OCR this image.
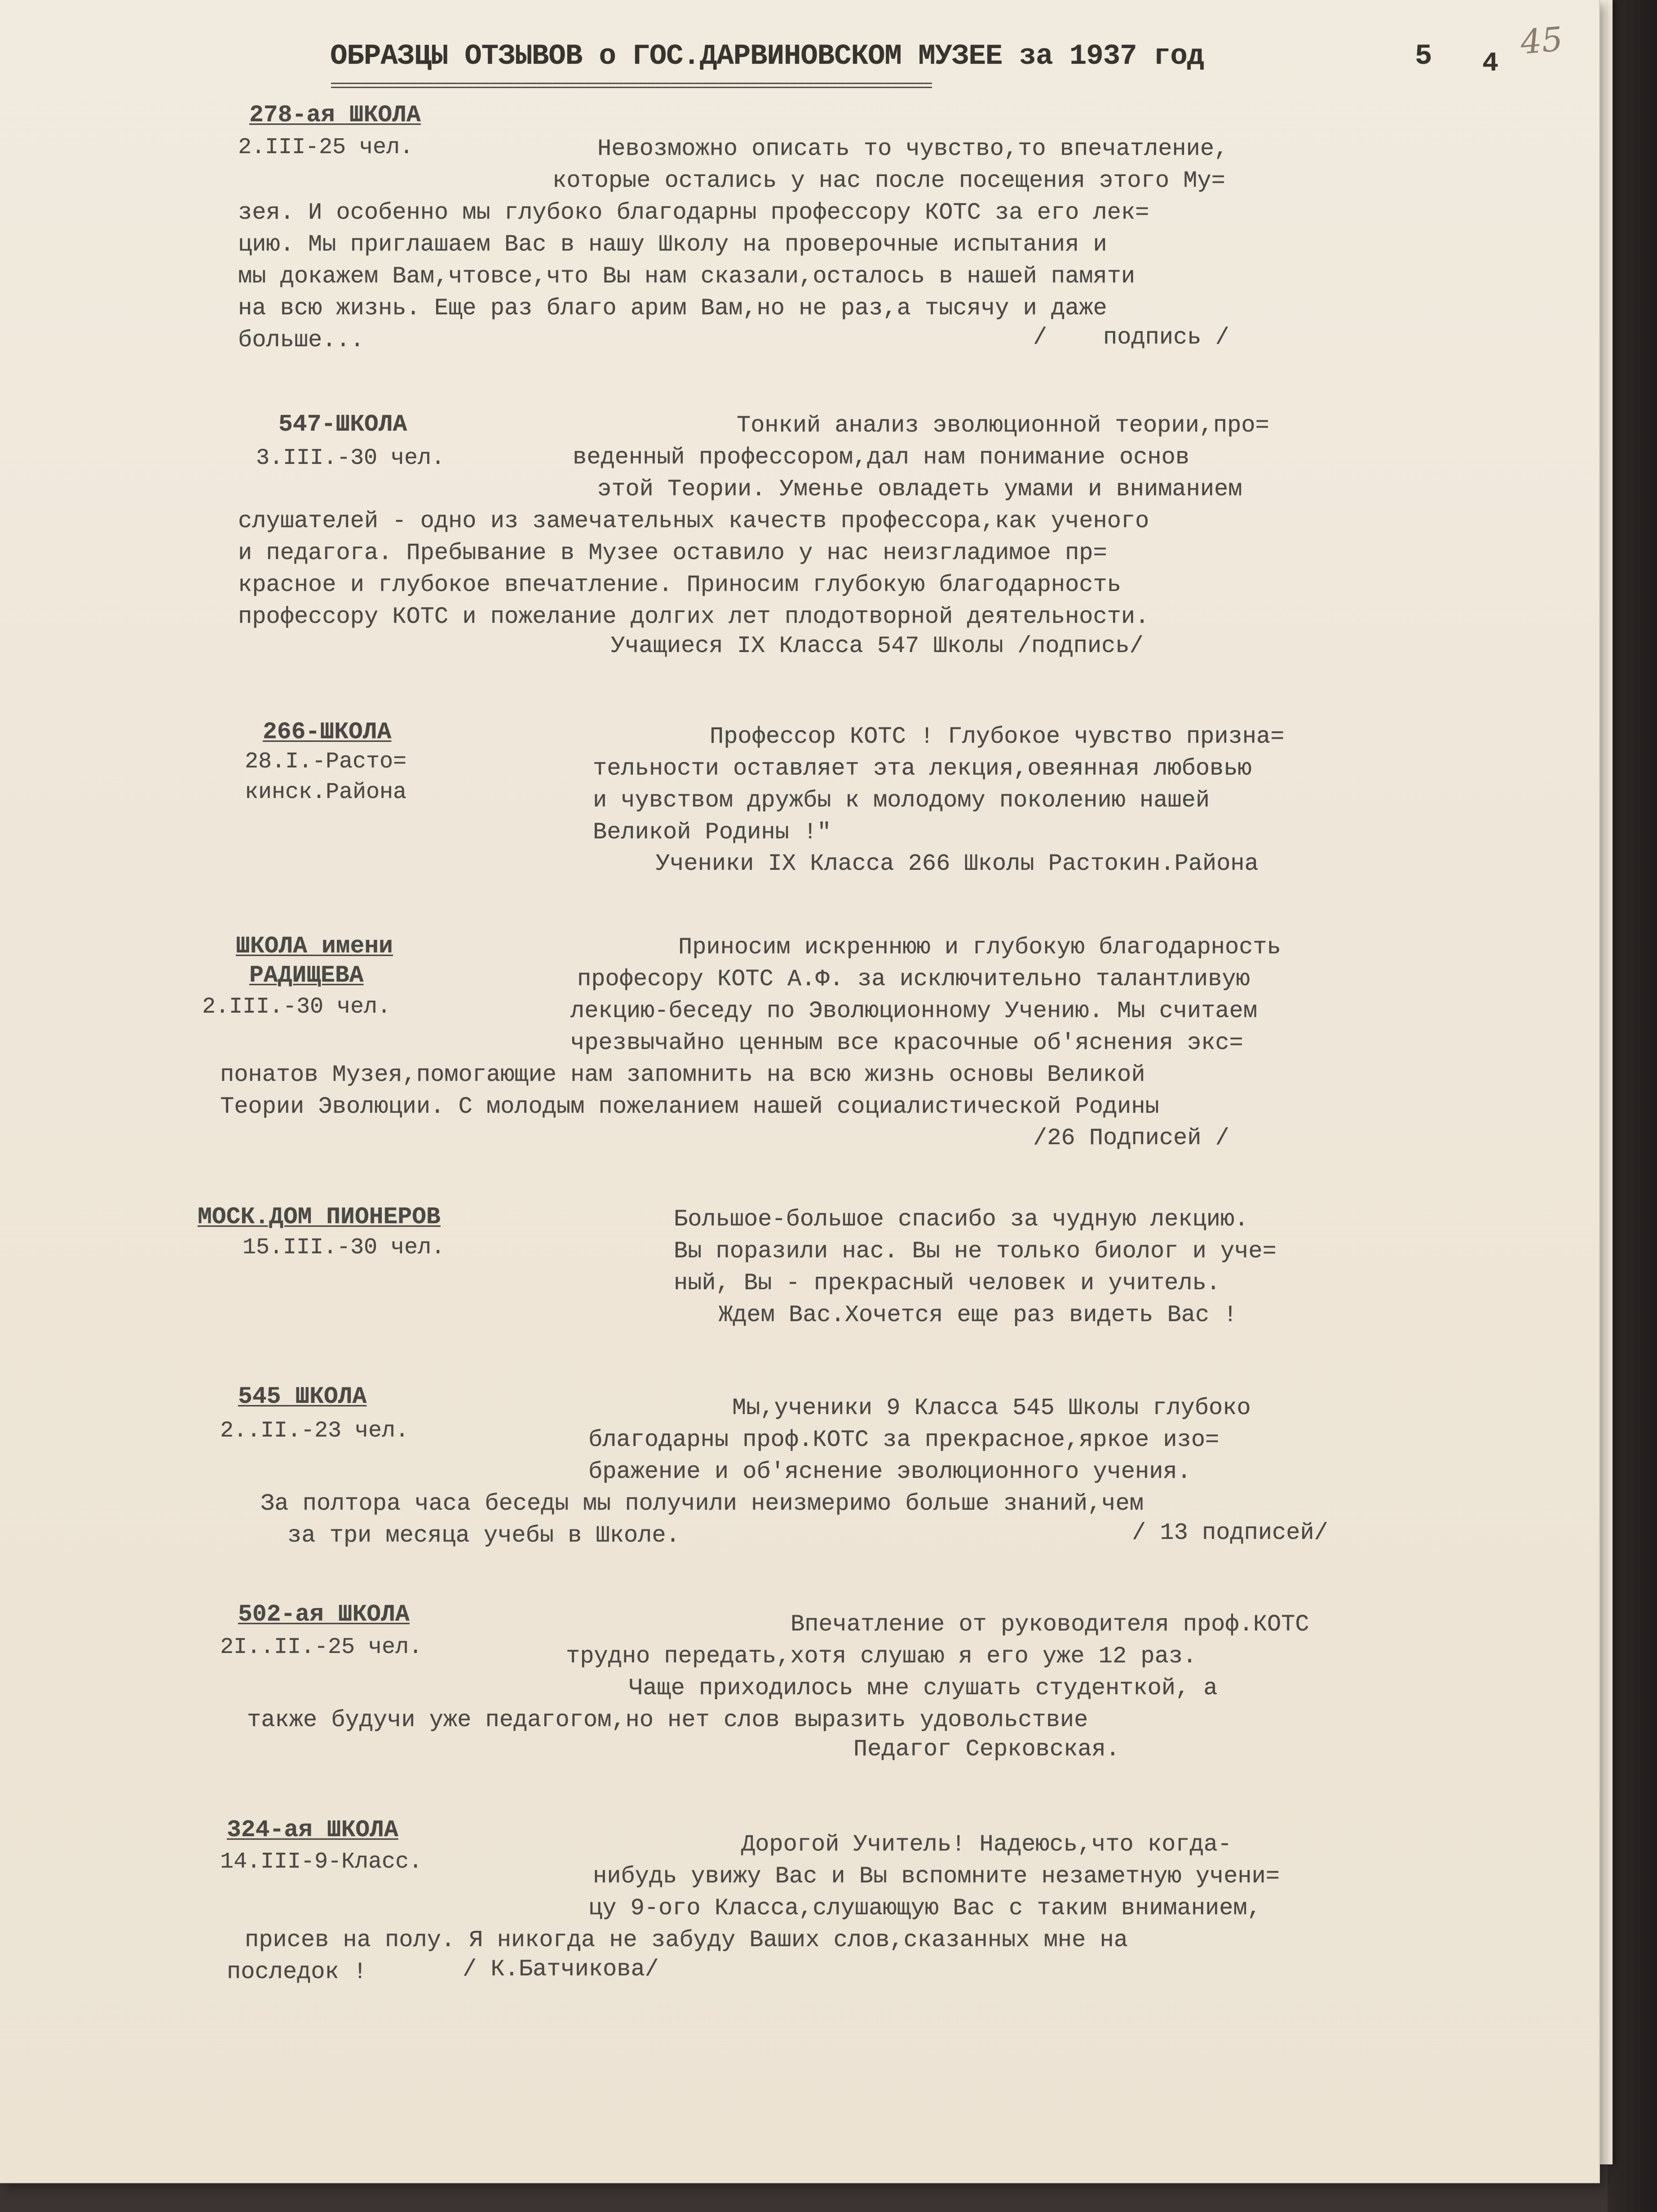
ОБРАЗЦЫ ОТЗЫВОВ о ГОС.ДАРВИНОВСКОМ МУЗЕЕ за 1937 год
============================================================================
5 4
45
278-ая ШКОЛА
2.III-25 чел.	Невозможно описать то чувство,то впечатление,
которые остались у нас после посещения этого Му=
зея. И особенно мы глубоко благодарны профессору КОТС за его лек=
цию. Мы приглашаем Вас в нашу Школу на проверочные испытания и
мы докажем Вам,чтовсе,что Вы нам сказали,осталось в нашей памяти
на всю жизнь. Еще раз благо арим Вам,но не раз,а тысячу и даже
больше...	/    подпись /
547-ШКОЛА
3.III.-30 чел.
Тонкий анализ эволюционной теории,про=
веденный профессором,дал нам понимание основ
этой Теории. Уменье овладеть умами и вниманием
слушателей - одно из замечательных качеств профессора,как ученого
и педагога. Пребывание в Музее оставило у нас неизгладимое пр=
красное и глубокое впечатление. Приносим глубокую благодарность
профессору КОТС и пожелание долгих лет плодотворной деятельности.
Учащиеся IX Класса 547 Школы /подпись/
266-ШКОЛА
28.I.-Расто=
кинск.Района
Профессор КОТС ! Глубокое чувство призна=
тельности оставляет эта лекция,овеянная любовью
и чувством дружбы к молодому поколению нашей
Великой Родины !"
Ученики IX Класса 266 Школы Растокин.Района
ШКОЛА имени
РАДИЩЕВА
2.III.-30 чел.
Приносим искреннюю и глубокую благодарность
професору КОТС А.Ф. за исключительно талантливую
лекцию-беседу по Эволюционному Учению. Мы считаем
чрезвычайно ценным все красочные об'яснения экс=
понатов Музея,помогающие нам запомнить на всю жизнь основы Великой
Теории Эволюции. С молодым пожеланием нашей социалистической Родины
/26 Подписей /
МОСК.ДОМ ПИОНЕРОВ
15.III.-30 чел.
Большое-большое спасибо за чудную лекцию.
Вы поразили нас. Вы не только биолог и уче=
ный, Вы - прекрасный человек и учитель.
Ждем Вас.Хочется еще раз видеть Вас !
545 ШКОЛА
2..II.-23 чел.
Мы,ученики 9 Класса 545 Школы глубоко
благодарны проф.КОТС за прекрасное,яркое изо=
бражение и об'яснение эволюционного учения.
За полтора часа беседы мы получили неизмеримо больше знаний,чем
за три месяца учебы в Школе.	/ 13 подписей/
502-ая ШКОЛА
2I..II.-25 чел.
Впечатление от руководителя проф.КОТС
трудно передать,хотя слушаю я его уже 12 раз.
Чаще приходилось мне слушать студенткой, а
также будучи уже педагогом,но нет слов выразить удовольствие
Педагог Серковская.
324-ая ШКОЛА
14.III-9-Класс.
Дорогой Учитель! Надеюсь,что когда-
нибудь увижу Вас и Вы вспомните незаметную учени=
цу 9-ого Класса,слушающую Вас с таким вниманием,
присев на полу. Я никогда не забуду Ваших слов,сказанных мне на
последок !	/ К.Батчикова/
